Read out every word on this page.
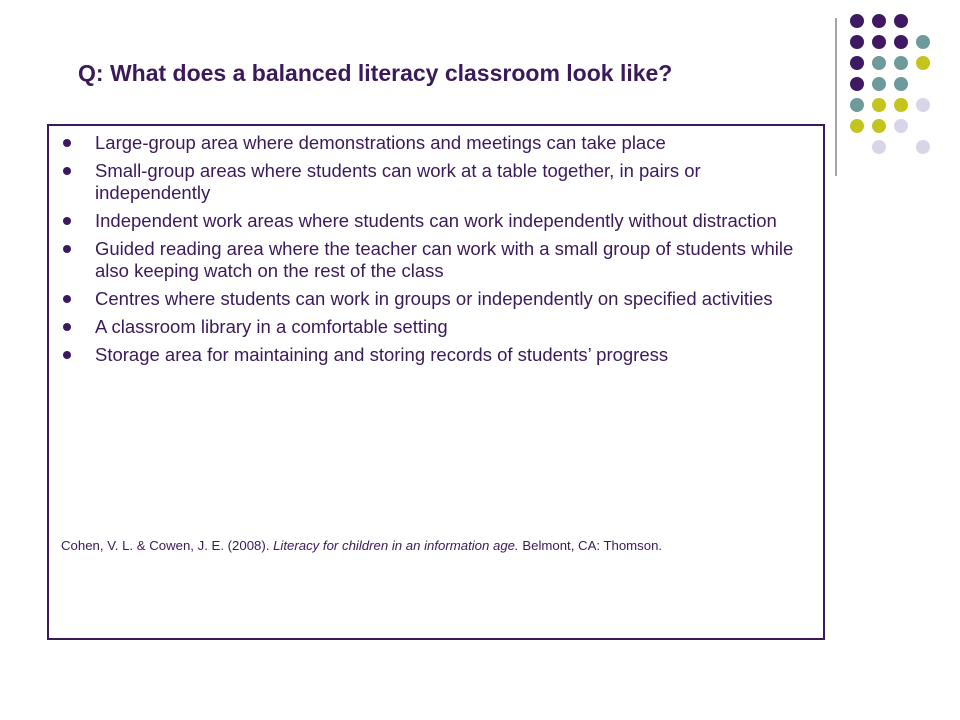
Q: What does a balanced literacy classroom look like?
Large-group area where demonstrations and meetings can take place
Small-group areas where students can work at a table together, in pairs or independently
Independent work areas where students can work independently without distraction
Guided reading area where the teacher can work with a small group of students while also keeping watch on the rest of the class
Centres where students can work in groups or independently on specified activities
A classroom library in a comfortable setting
Storage area for maintaining and storing records of students’ progress
Cohen, V. L. & Cowen, J. E. (2008). Literacy for children in an information age. Belmont, CA: Thomson.
